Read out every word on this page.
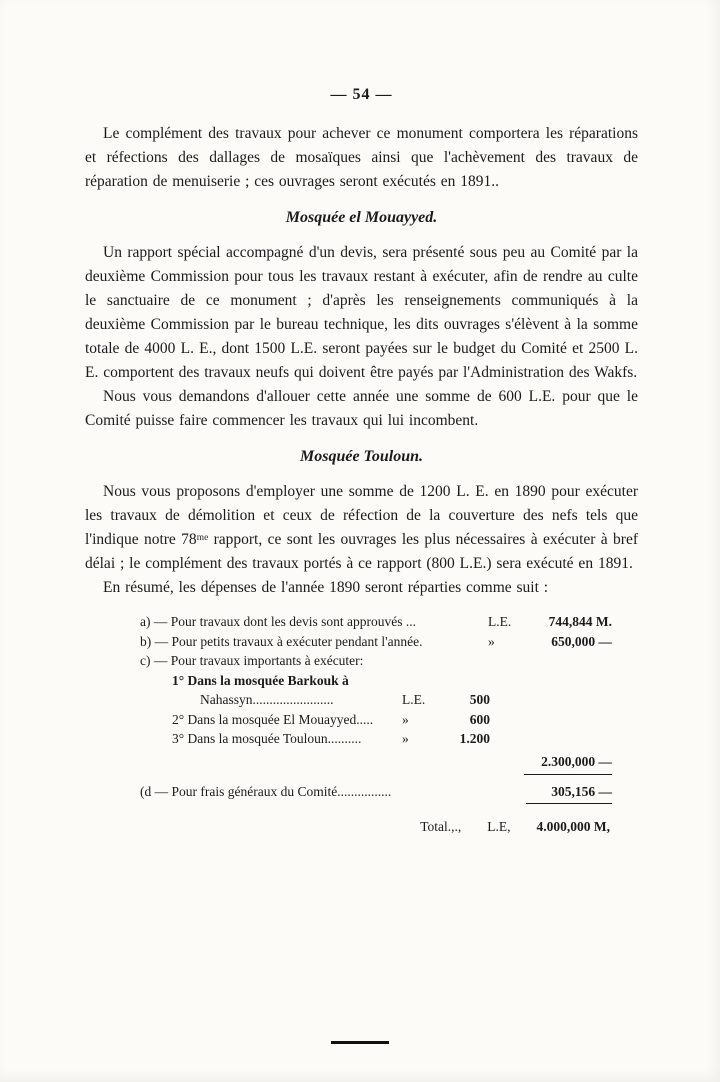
— 54 —

Le complément des travaux pour achever ce monument comportera les réparations et réfections des dallages de mosaïques ainsi que l'achèvement des travaux de réparation de menuiserie ; ces ouvrages seront exécutés en 1891..

Mosquée el Mouayyed.

Un rapport spécial accompagné d'un devis, sera présenté sous peu au Comité par la deuxième Commission pour tous les travaux restant à exécuter, afin de rendre au culte le sanctuaire de ce monument ; d'après les renseignements communiqués à la deuxième Commission par le bureau technique, les dits ouvrages s'élèvent à la somme totale de 4000 L. E., dont 1500 L.E. seront payées sur le budget du Comité et 2500 L. E. comportent des travaux neufs qui doivent être payés par l'Administration des Wakfs.

Nous vous demandons d'allouer cette année une somme de 600 L.E. pour que le Comité puisse faire commencer les travaux qui lui incombent.

Mosquée Touloun.

Nous vous proposons d'employer une somme de 1200 L. E. en 1890 pour exécuter les travaux de démolition et ceux de réfection de la couverture des nefs tels que l'indique notre 78ᵐᵉ rapport, ce sont les ouvrages les plus nécessaires à exécuter à bref délai ; le complément des travaux portés à ce rapport (800 L.E.) sera exécuté en 1891.

En résumé, les dépenses de l'année 1890 seront réparties comme suit :

a) — Pour travaux dont les devis sont approuvés ...	L.E.	744,844 M.
b) — Pour petits travaux à exécuter pendant l'année.	»	650,000 —
c) — Pour travaux importants à exécuter:
1° Dans la mosquée Barkouk à
Nahassyn........................	L.E.	500
2° Dans la mosquée El Mouayyed.....	»	600
3° Dans la mosquée Touloun..........	»	1.200
2.300,000 —
(d — Pour frais généraux du Comité................	305,156 —
Total.,., L.E, 4.000,000 M,
